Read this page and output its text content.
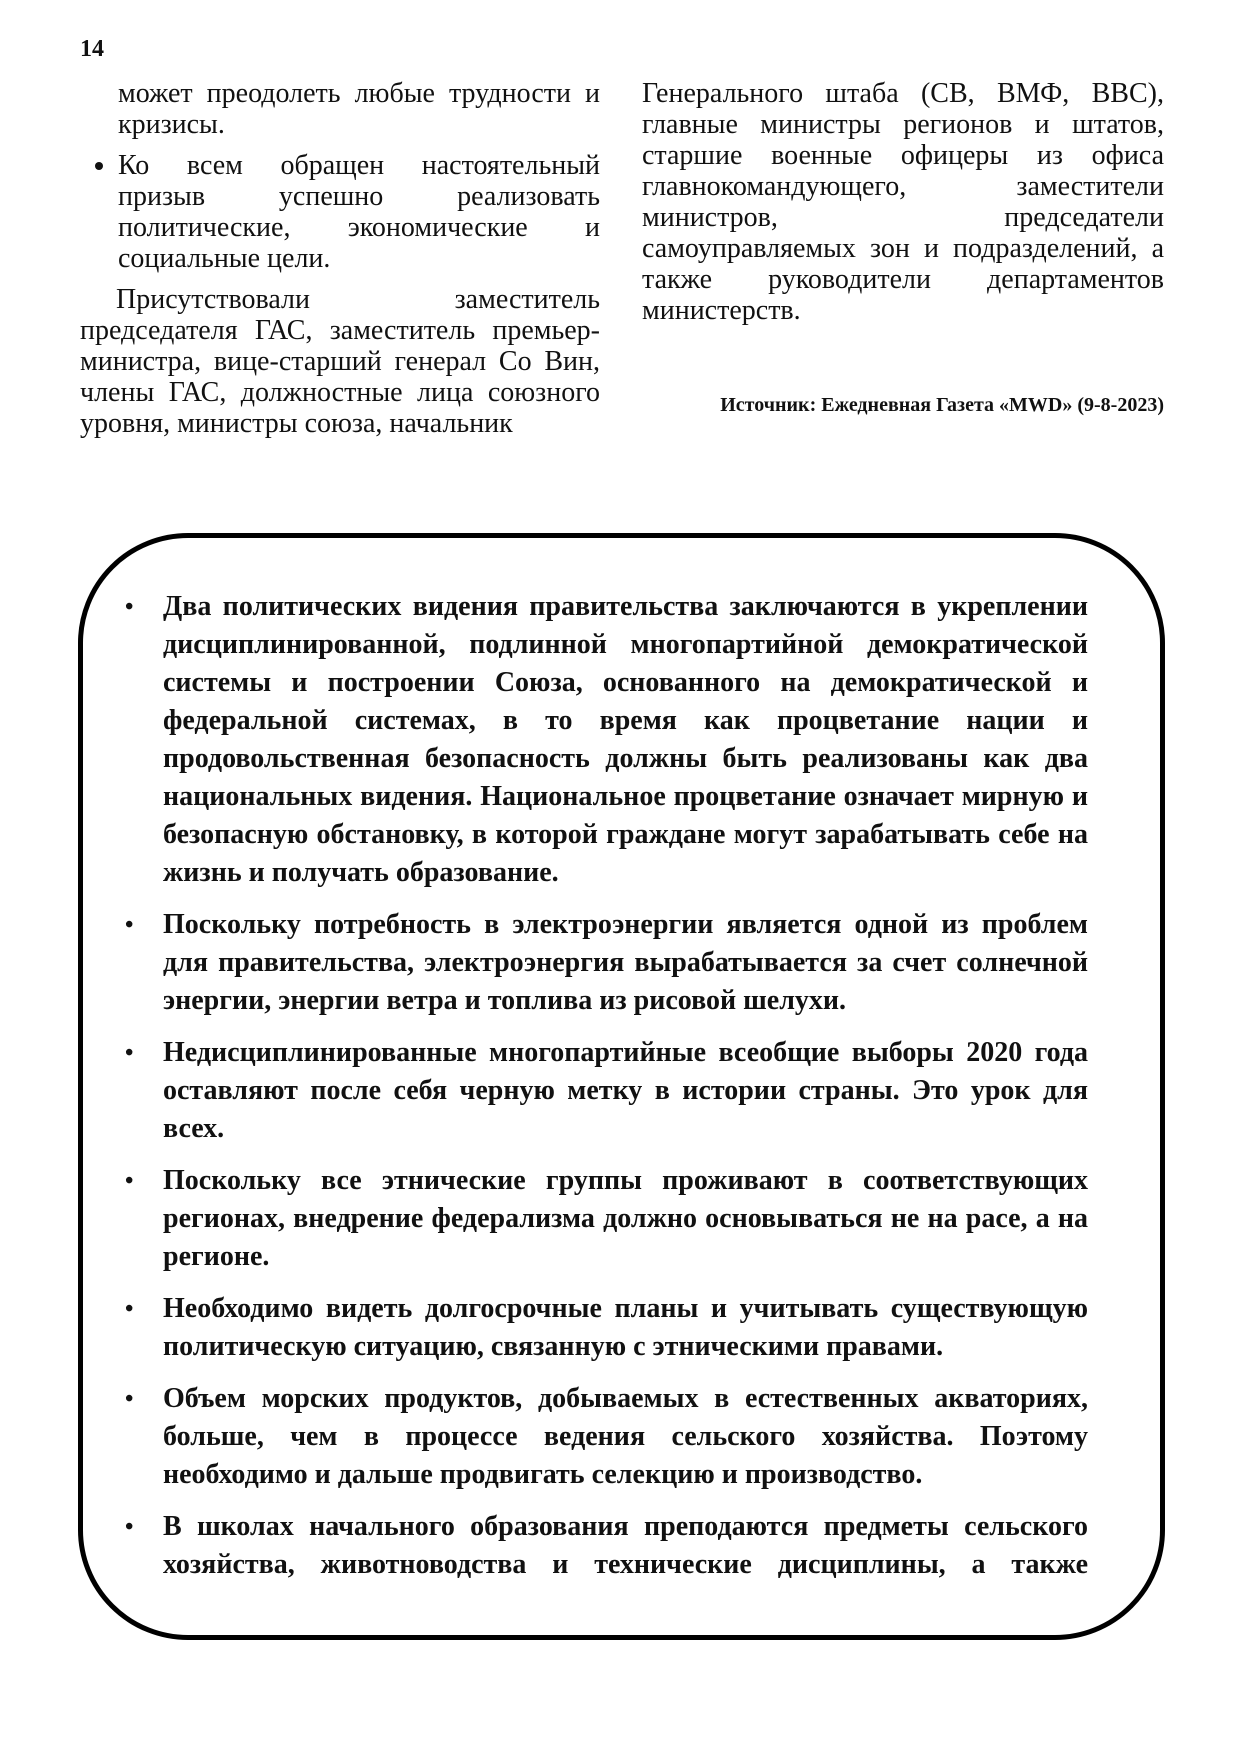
14

может преодолеть любые трудности и кризисы.

• Ко всем обращен настоятельный призыв успешно реализовать политические, экономические и социальные цели.

Присутствовали заместитель председателя ГАС, заместитель премьер-министра, вице-старший генерал Со Вин, члены ГАС, должностные лица союзного уровня, министры союза, начальник

Генерального штаба (СВ, ВМФ, ВВС), главные министры регионов и штатов, старшие военные офицеры из офиса главнокомандующего, заместители министров, председатели самоуправляемых зон и подразделений, а также руководители департаментов министерств.

Источник: Ежедневная Газета «MWD» (9-8-2023)
• Два политических видения правительства заключаются в укреплении дисциплинированной, подлинной многопартийной демократической системы и построении Союза, основанного на демократической и федеральной системах, в то время как процветание нации и продовольственная безопасность должны быть реализованы как два национальных видения. Национальное процветание означает мирную и безопасную обстановку, в которой граждане могут зарабатывать себе на жизнь и получать образование.
• Поскольку потребность в электроэнергии является одной из проблем для правительства, электроэнергия вырабатывается за счет солнечной энергии, энергии ветра и топлива из рисовой шелухи.
• Недисциплинированные многопартийные всеобщие выборы 2020 года оставляют после себя черную метку в истории страны. Это урок для всех.
• Поскольку все этнические группы проживают в соответствующих регионах, внедрение федерализма должно основываться не на расе, а на регионе.
• Необходимо видеть долгосрочные планы и учитывать существующую политическую ситуацию, связанную с этническими правами.
• Объем морских продуктов, добываемых в естественных акваториях, больше, чем в процессе ведения сельского хозяйства. Поэтому необходимо и дальше продвигать селекцию и производство.
• В школах начального образования преподаются предметы сельского хозяйства, животноводства и технические дисциплины, а также
